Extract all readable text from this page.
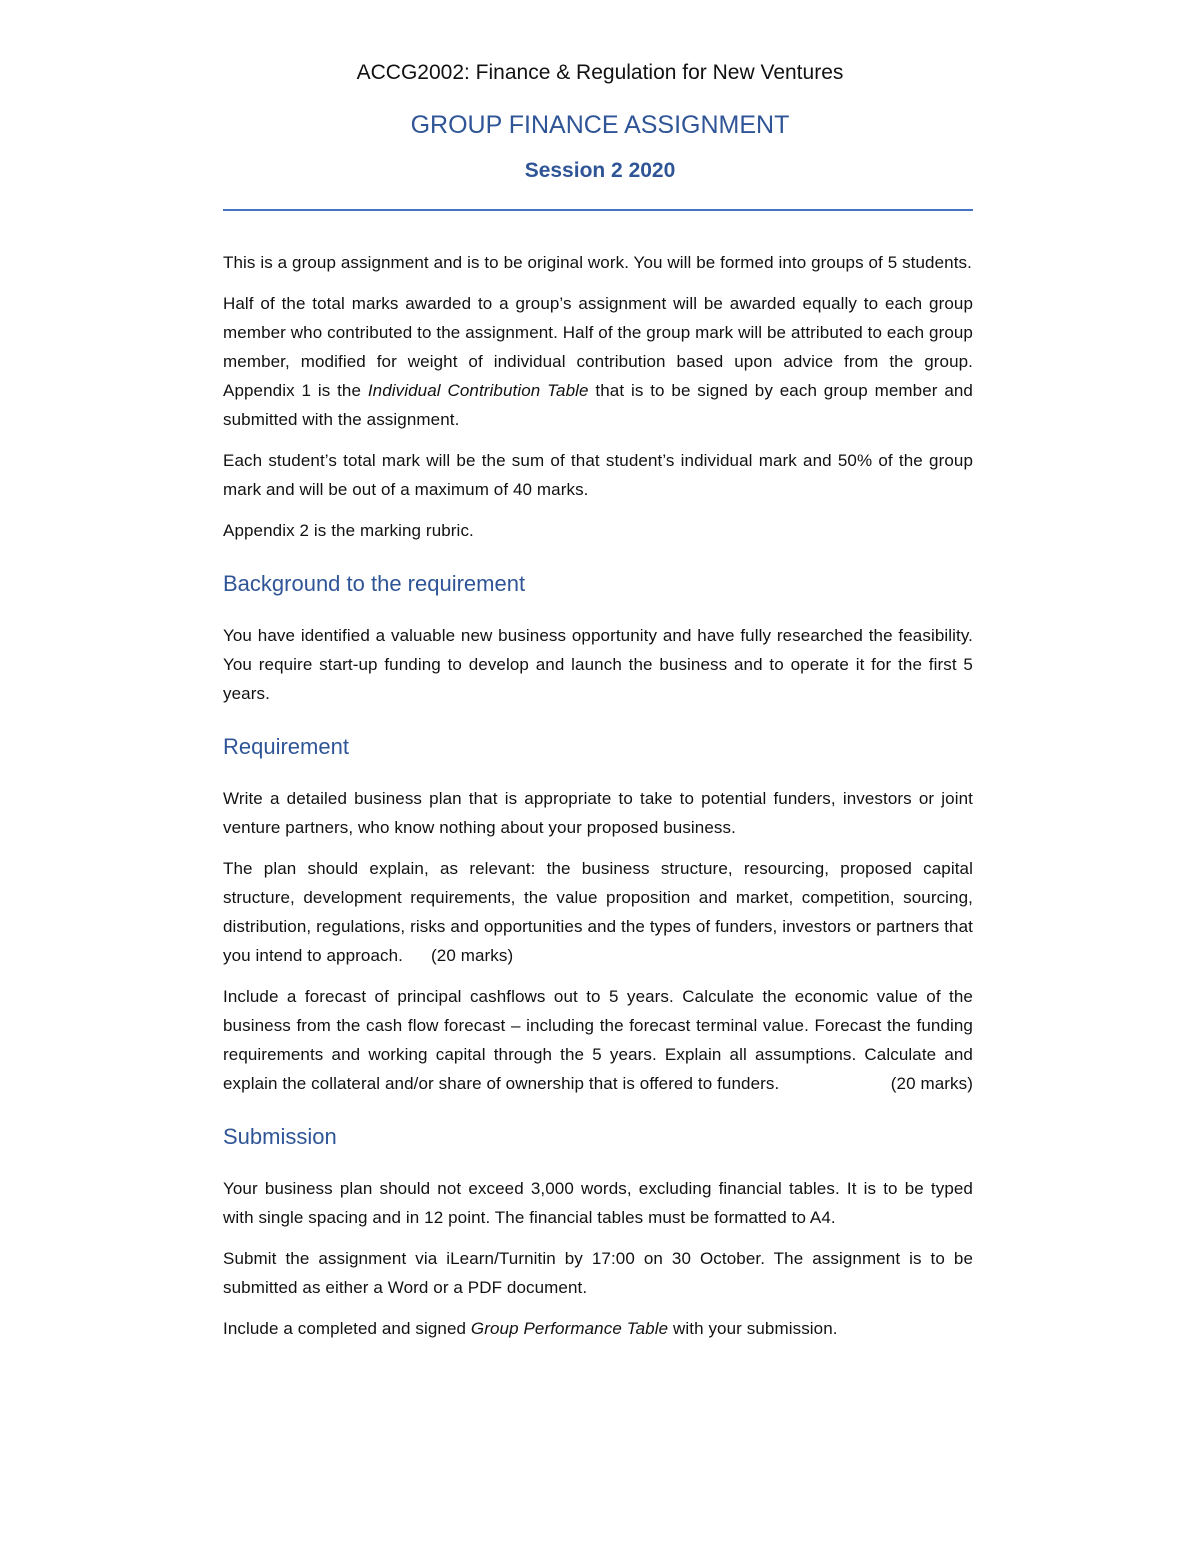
ACCG2002: Finance & Regulation for New Ventures
GROUP FINANCE ASSIGNMENT
Session 2 2020

This is a group assignment and is to be original work. You will be formed into groups of 5 students.

Half of the total marks awarded to a group’s assignment will be awarded equally to each group member who contributed to the assignment. Half of the group mark will be attributed to each group member, modified for weight of individual contribution based upon advice from the group. Appendix 1 is the Individual Contribution Table that is to be signed by each group member and submitted with the assignment.

Each student’s total mark will be the sum of that student’s individual mark and 50% of the group mark and will be out of a maximum of 40 marks.

Appendix 2 is the marking rubric.

Background to the requirement

You have identified a valuable new business opportunity and have fully researched the feasibility. You require start-up funding to develop and launch the business and to operate it for the first 5 years.

Requirement

Write a detailed business plan that is appropriate to take to potential funders, investors or joint venture partners, who know nothing about your proposed business.

The plan should explain, as relevant: the business structure, resourcing, proposed capital structure, development requirements, the value proposition and market, competition, sourcing, distribution, regulations, risks and opportunities and the types of funders, investors or partners that you intend to approach. (20 marks)

Include a forecast of principal cashflows out to 5 years. Calculate the economic value of the business from the cash flow forecast – including the forecast terminal value. Forecast the funding requirements and working capital through the 5 years. Explain all assumptions. Calculate and explain the collateral and/or share of ownership that is offered to funders.	(20 marks)

Submission

Your business plan should not exceed 3,000 words, excluding financial tables. It is to be typed with single spacing and in 12 point. The financial tables must be formatted to A4.

Submit the assignment via iLearn/Turnitin by 17:00 on 30 October. The assignment is to be submitted as either a Word or a PDF document.

Include a completed and signed Group Performance Table with your submission.
